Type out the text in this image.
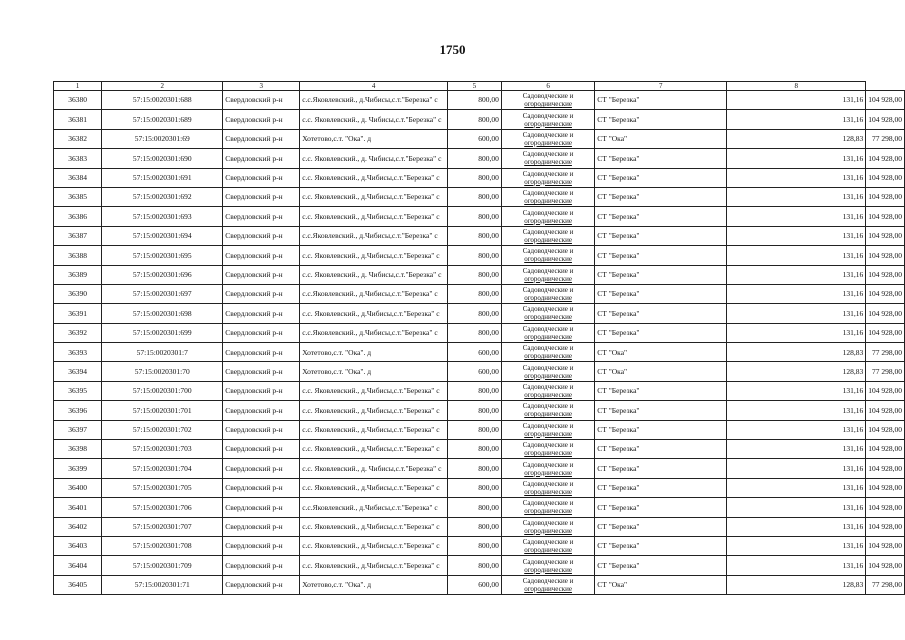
1750
1	2	3	4	5	6	7	8	
36380	57:15:0020301:688	Свердловский р-н	с.с.Яковлевский., д.Чибисы,с.т."Березка" с	800,00	Садоводческие и
огороднические	СТ "Березка"	131,16	104 928,00
36381	57:15:0020301:689	Свердловский р-н	с.с. Яковлевский., д. Чибисы,с.т."Березка" с	800,00	Садоводческие и
огороднические	СТ "Березка"	131,16	104 928,00
36382	57:15:0020301:69	Свердловский р-н	Хотетово,с.т. "Ока". д	600,00	Садоводческие и
огороднические	СТ "Ока"	128,83	77 298,00
36383	57:15:0020301:690	Свердловский р-н	с.с. Яковлевский., д. Чибисы,с.т."Березка" с	800,00	Садоводческие и
огороднические	СТ "Березка"	131,16	104 928,00
36384	57:15:0020301:691	Свердловский р-н	с.с. Яковлевский., д.Чибисы,с.т."Березка" с	800,00	Садоводческие и
огороднические	СТ "Березка"	131,16	104 928,00
36385	57:15:0020301:692	Свердловский р-н	с.с. Яковлевский., д.Чибисы,с.т."Березка" с	800,00	Садоводческие и
огороднические	СТ "Березка"	131,16	104 928,00
36386	57:15:0020301:693	Свердловский р-н	с.с. Яковлевский., д.Чибисы,с.т."Березка" с	800,00	Садоводческие и
огороднические	СТ "Березка"	131,16	104 928,00
36387	57:15:0020301:694	Свердловский р-н	с.с.Яковлевский., д.Чибисы,с.т."Березка" с	800,00	Садоводческие и
огороднические	СТ "Березка"	131,16	104 928,00
36388	57:15:0020301:695	Свердловский р-н	с.с. Яковлевский., д.Чибисы,с.т."Березка" с	800,00	Садоводческие и
огороднические	СТ "Березка"	131,16	104 928,00
36389	57:15:0020301:696	Свердловский р-н	с.с. Яковлевский., д. Чибисы,с.т."Березка" с	800,00	Садоводческие и
огороднические	СТ "Березка"	131,16	104 928,00
36390	57:15:0020301:697	Свердловский р-н	с.с.Яковлевский., д.Чибисы,с.т."Березка" с	800,00	Садоводческие и
огороднические	СТ "Березка"	131,16	104 928,00
36391	57:15:0020301:698	Свердловский р-н	с.с. Яковлевский., д.Чибисы,с.т."Березка" с	800,00	Садоводческие и
огороднические	СТ "Березка"	131,16	104 928,00
36392	57:15:0020301:699	Свердловский р-н	с.с.Яковлевский., д.Чибисы,с.т."Березка" с	800,00	Садоводческие и
огороднические	СТ "Березка"	131,16	104 928,00
36393	57:15:0020301:7	Свердловский р-н	Хотетово,с.т. "Ока". д	600,00	Садоводческие и
огороднические	СТ "Ока"	128,83	77 298,00
36394	57:15:0020301:70	Свердловский р-н	Хотетово,с.т. "Ока". д	600,00	Садоводческие и
огороднические	СТ "Ока"	128,83	77 298,00
36395	57:15:0020301:700	Свердловский р-н	с.с. Яковлевский., д.Чибисы,с.т."Березка" с	800,00	Садоводческие и
огороднические	СТ "Березка"	131,16	104 928,00
36396	57:15:0020301:701	Свердловский р-н	с.с. Яковлевский., д.Чибисы,с.т."Березка" с	800,00	Садоводческие и
огороднические	СТ "Березка"	131,16	104 928,00
36397	57:15:0020301:702	Свердловский р-н	с.с. Яковлевский., д.Чибисы,с.т."Березка" с	800,00	Садоводческие и
огороднические	СТ "Березка"	131,16	104 928,00
36398	57:15:0020301:703	Свердловский р-н	с.с. Яковлевский., д.Чибисы,с.т."Березка" с	800,00	Садоводческие и
огороднические	СТ "Березка"	131,16	104 928,00
36399	57:15:0020301:704	Свердловский р-н	с.с. Яковлевский., д. Чибисы,с.т."Березка" с	800,00	Садоводческие и
огороднические	СТ "Березка"	131,16	104 928,00
36400	57:15:0020301:705	Свердловский р-н	с.с. Яковлевский., д.Чибисы,с.т."Березка" с	800,00	Садоводческие и
огороднические	СТ "Березка"	131,16	104 928,00
36401	57:15:0020301:706	Свердловский р-н	с.с.Яковлевский., д.Чибисы,с.т."Березка" с	800,00	Садоводческие и
огороднические	СТ "Березка"	131,16	104 928,00
36402	57:15:0020301:707	Свердловский р-н	с.с. Яковлевский., д.Чибисы,с.т."Березка" с	800,00	Садоводческие и
огороднические	СТ "Березка"	131,16	104 928,00
36403	57:15:0020301:708	Свердловский р-н	с.с. Яковлевский., д.Чибисы,с.т."Березка" с	800,00	Садоводческие и
огороднические	СТ "Березка"	131,16	104 928,00
36404	57:15:0020301:709	Свердловский р-н	с.с. Яковлевский., д.Чибисы,с.т."Березка" с	800,00	Садоводческие и
огороднические	СТ "Березка"	131,16	104 928,00
36405	57:15:0020301:71	Свердловский р-н	Хотетово,с.т. "Ока". д	600,00	Садоводческие и
огороднические	СТ "Ока"	128,83	77 298,00
